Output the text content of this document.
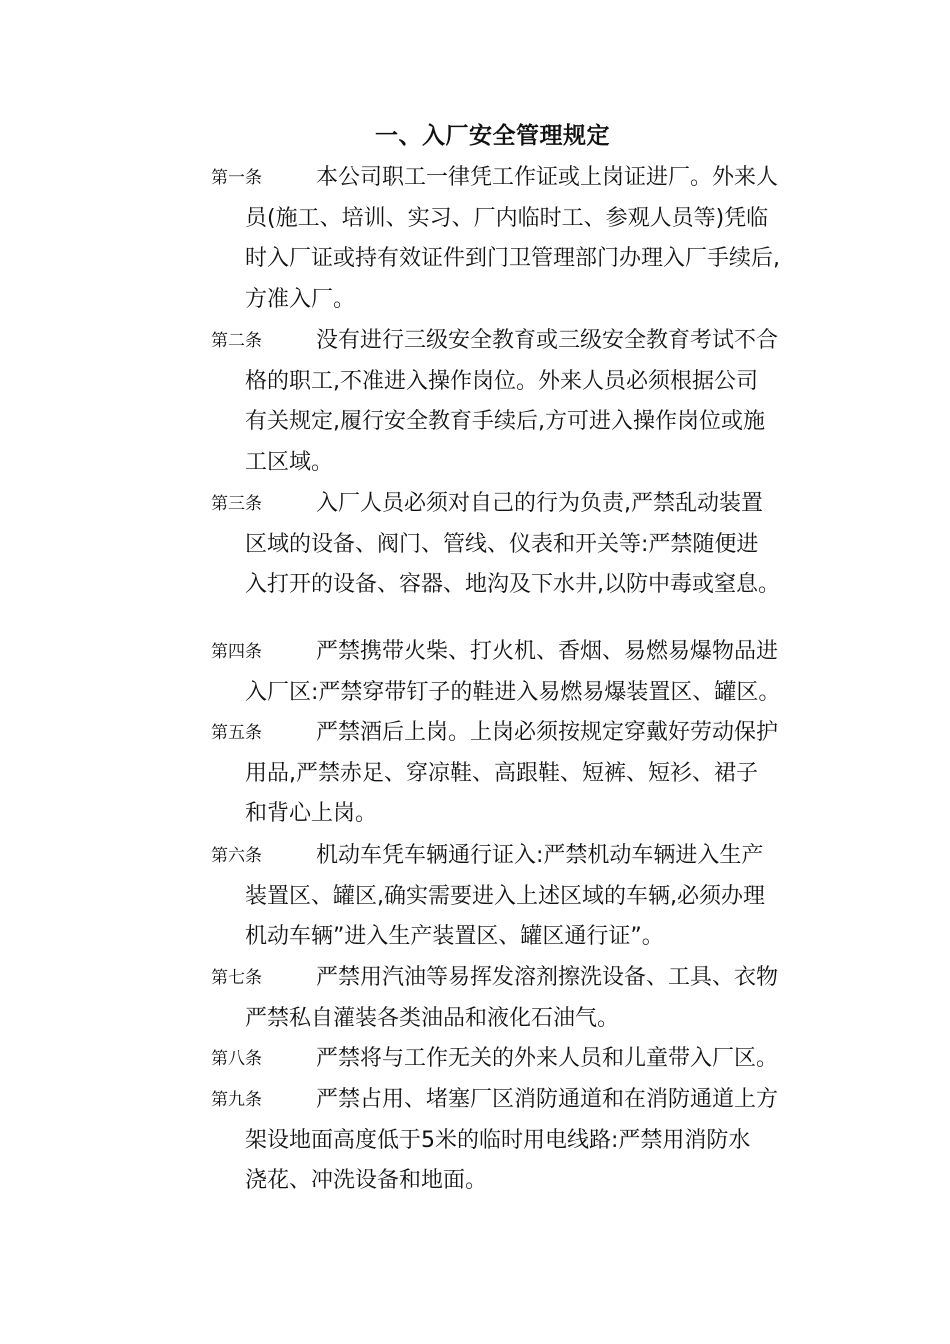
一、入厂安全管理规定
第一条 本公司职工一律凭工作证或上岗证进厂。外来人
员(施工、培训、实习、厂内临时工、参观人员等)凭临
时入厂证或持有效证件到门卫管理部门办理入厂手续后,
方准入厂。
第二条 没有进行三级安全教育或三级安全教育考试不合
格的职工,不准进入操作岗位。外来人员必须根据公司
有关规定,履行安全教育手续后,方可进入操作岗位或施
工区域。
第三条 入厂人员必须对自己的行为负责,严禁乱动装置
区域的设备、阀门、管线、仪表和开关等:严禁随便进
入打开的设备、容器、地沟及下水井,以防中毒或窒息。
第四条 严禁携带火柴、打火机、香烟、易燃易爆物品进
入厂区:严禁穿带钉子的鞋进入易燃易爆装置区、罐区。
第五条 严禁酒后上岗。上岗必须按规定穿戴好劳动保护
用品,严禁赤足、穿凉鞋、高跟鞋、短裤、短衫、裙子
和背心上岗。
第六条 机动车凭车辆通行证入:严禁机动车辆进入生产
装置区、罐区,确实需要进入上述区域的车辆,必须办理
机动车辆”进入生产装置区、罐区通行证”。
第七条 严禁用汽油等易挥发溶剂擦洗设备、工具、衣物
严禁私自灌装各类油品和液化石油气。
第八条 严禁将与工作无关的外来人员和儿童带入厂区。
第九条 严禁占用、堵塞厂区消防通道和在消防通道上方
架设地面高度低于5米的临时用电线路:严禁用消防水
浇花、冲洗设备和地面。
